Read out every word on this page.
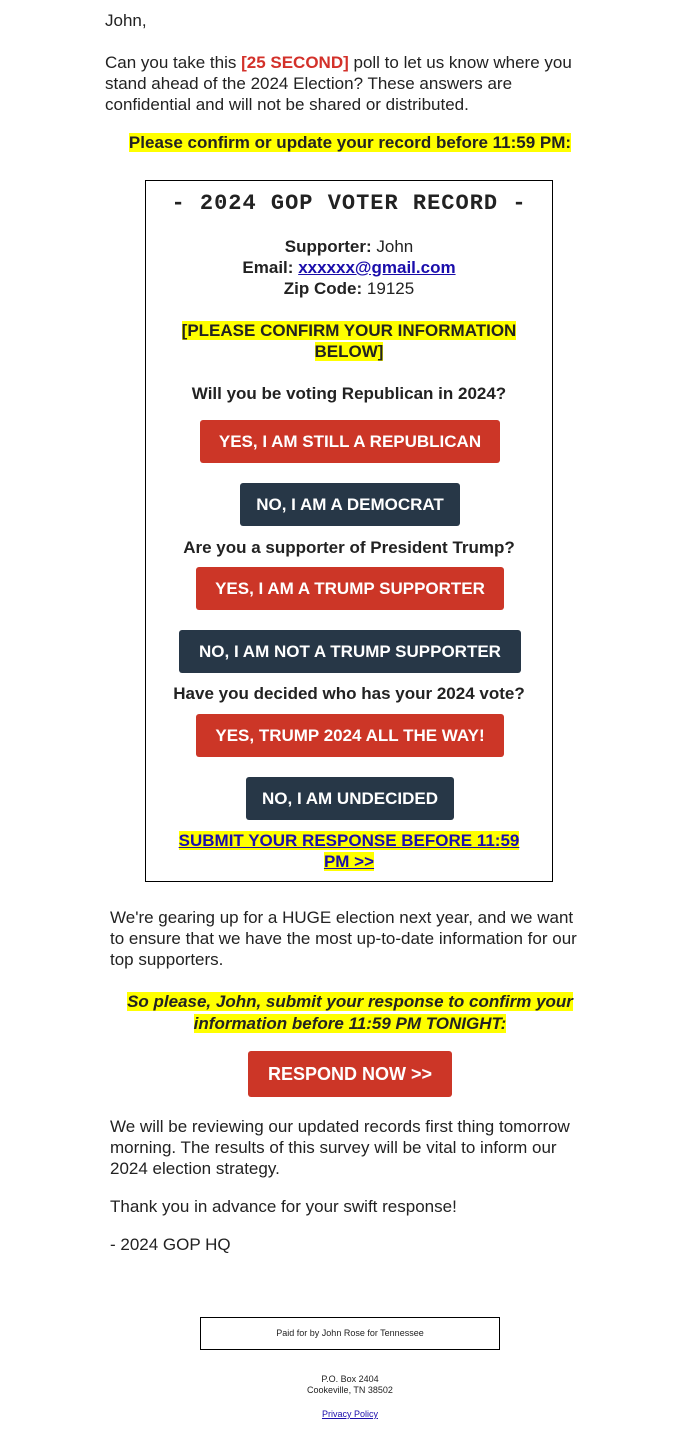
John,
Can you take this [25 SECOND] poll to let us know where you stand ahead of the 2024 Election? These answers are confidential and will not be shared or distributed.
Please confirm or update your record before 11:59 PM:
- 2024 GOP VOTER RECORD -
Supporter: John
Email: xxxxxx@gmail.com
Zip Code: 19125
[PLEASE CONFIRM YOUR INFORMATION
BELOW]
Will you be voting Republican in 2024?
YES, I AM STILL A REPUBLICAN
NO, I AM A DEMOCRAT
Are you a supporter of President Trump?
YES, I AM A TRUMP SUPPORTER
NO, I AM NOT A TRUMP SUPPORTER
Have you decided who has your 2024 vote?
YES, TRUMP 2024 ALL THE WAY!
NO, I AM UNDECIDED
SUBMIT YOUR RESPONSE BEFORE 11:59
PM >>
We're gearing up for a HUGE election next year, and we want to ensure that we have the most up-to-date information for our top supporters.
So please, John, submit your response to confirm your
information before 11:59 PM TONIGHT:
RESPOND NOW >>
We will be reviewing our updated records first thing tomorrow morning. The results of this survey will be vital to inform our 2024 election strategy.
Thank you in advance for your swift response!
- 2024 GOP HQ
Paid for by John Rose for Tennessee
P.O. Box 2404
Cookeville, TN 38502
Privacy Policy
